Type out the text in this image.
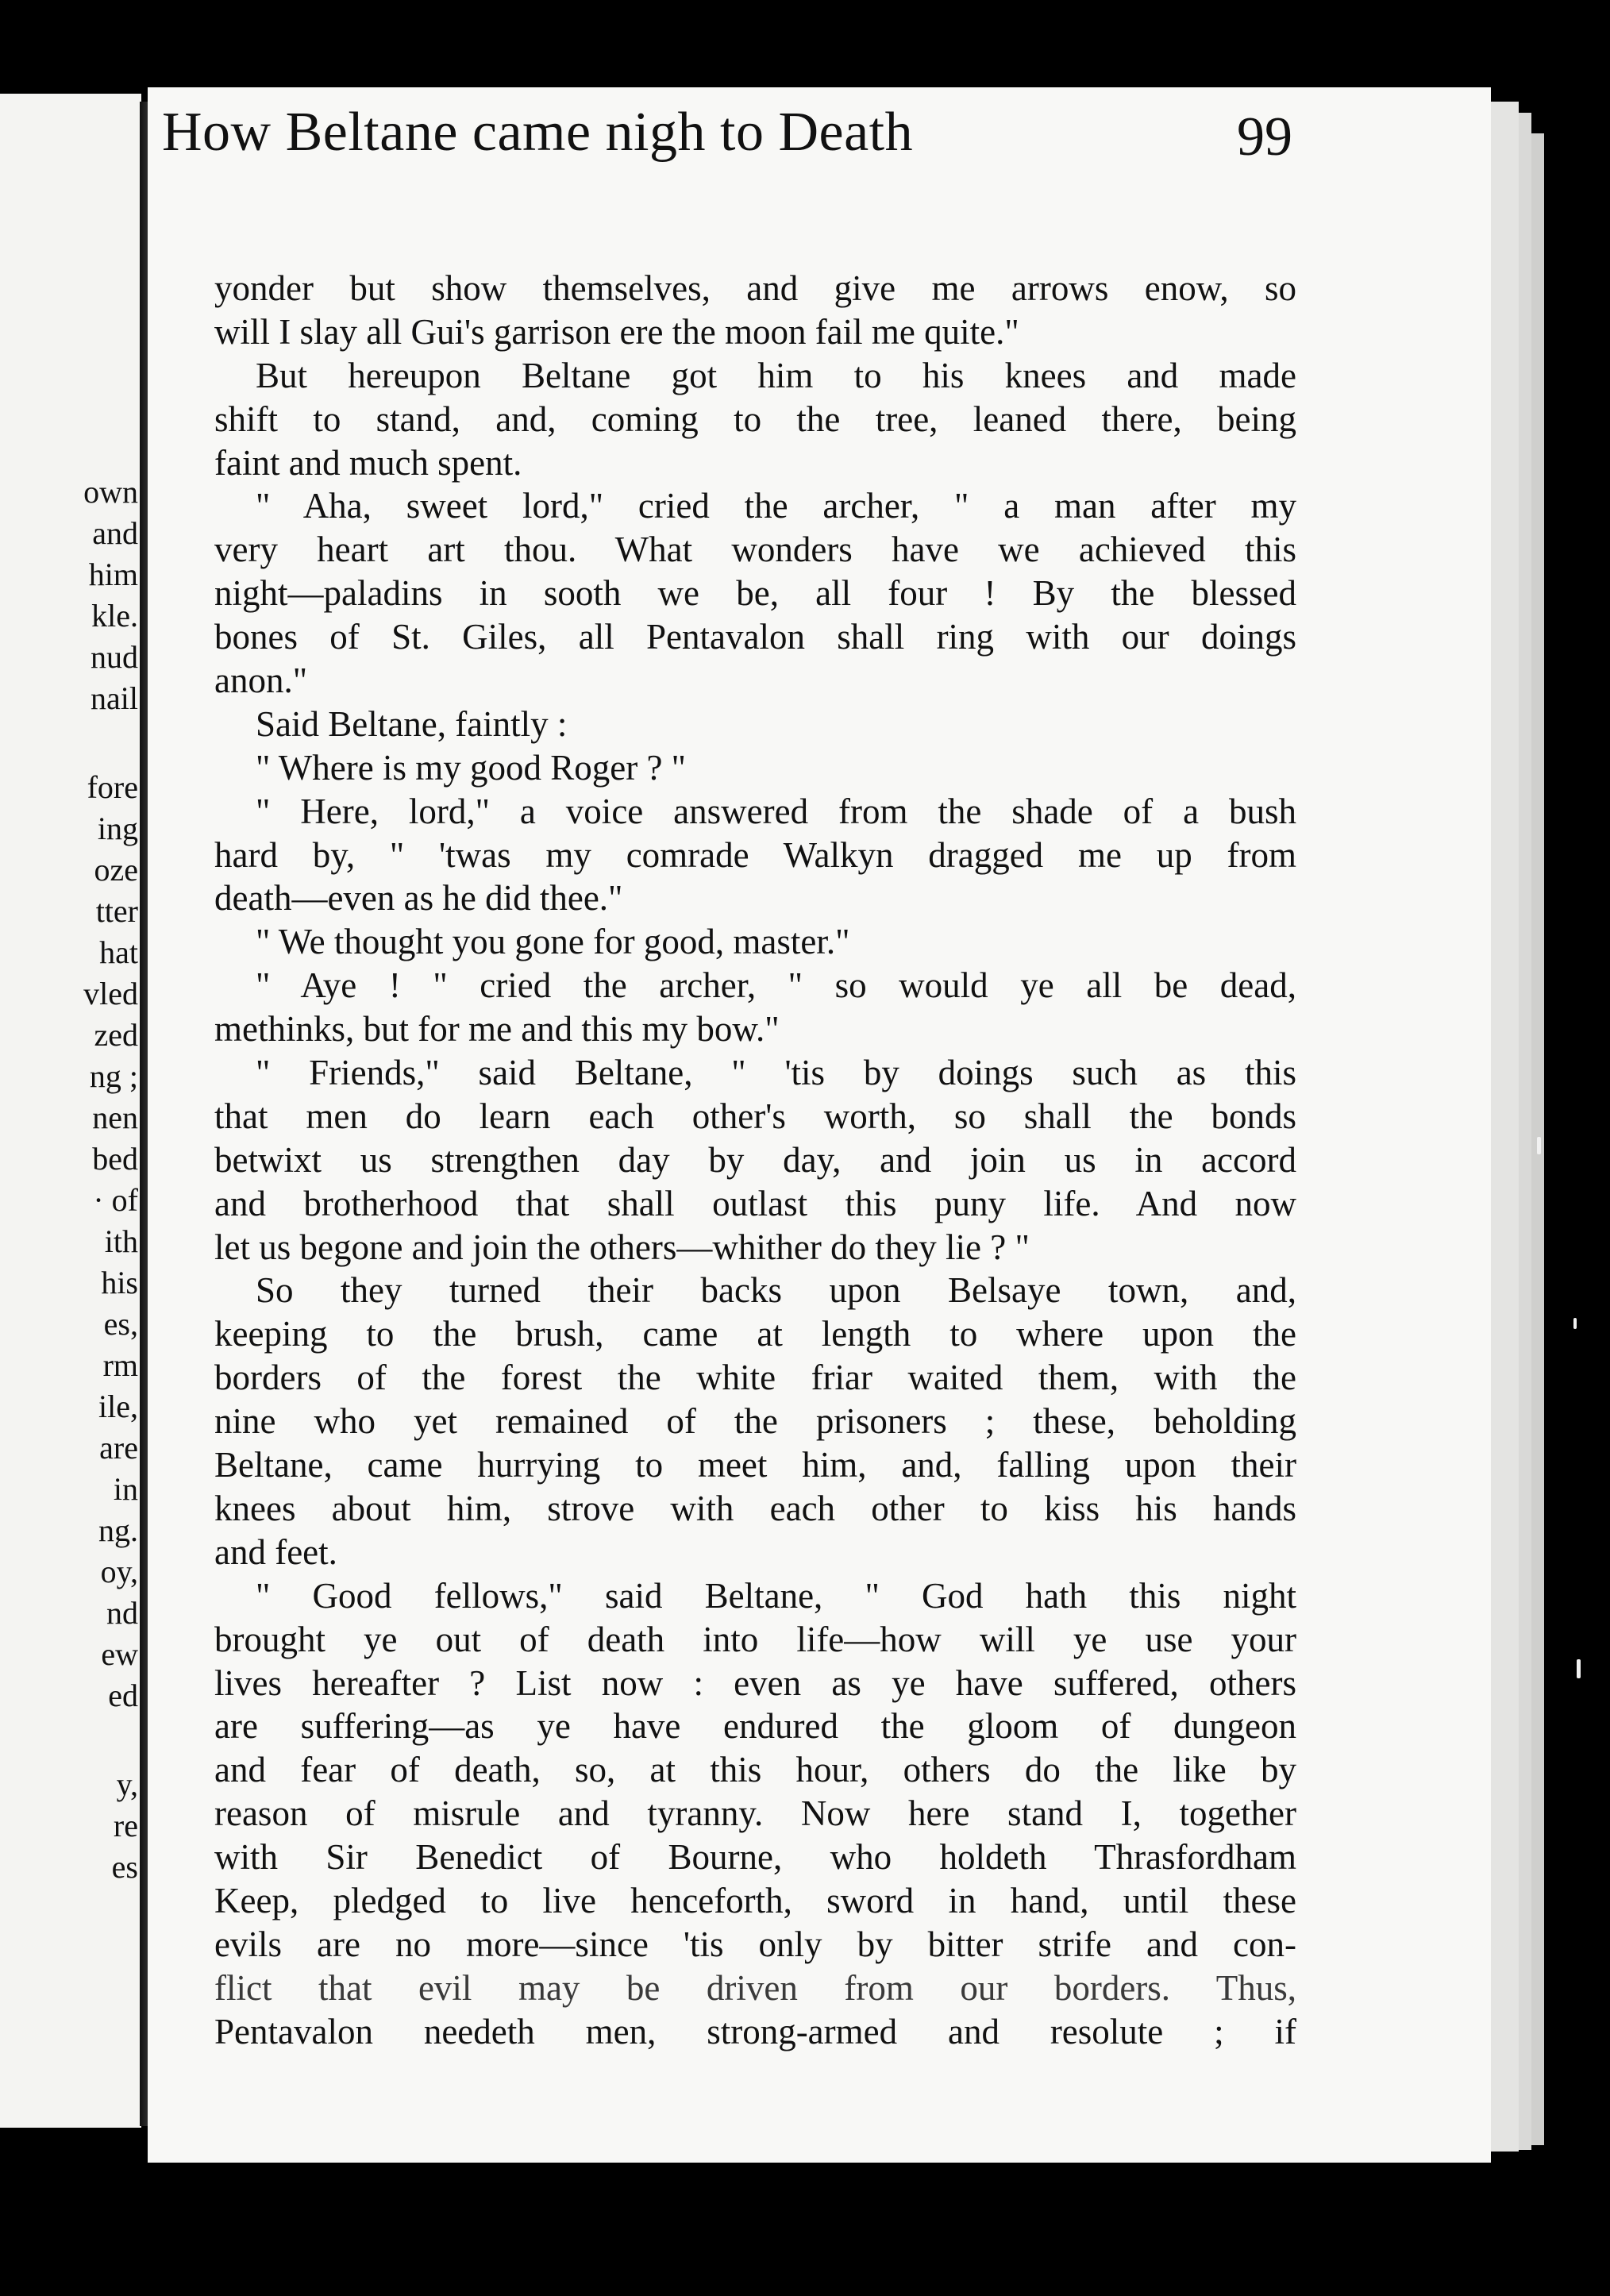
own
and
him
kle.
nud
nail
fore
ing
oze
tter
hat
vled
zed
ng ;
nen
bed
· of
ith
his
es,
rm
ile,
are
in
ng.
oy,
nd
ew
ed
y,
re
es
How Beltane came nigh to Death	99
yonder but show themselves, and give me arrows enow, so
will I slay all Gui's garrison ere the moon fail me quite."
But hereupon Beltane got him to his knees and made
shift to stand, and, coming to the tree, leaned there, being
faint and much spent.
" Aha, sweet lord," cried the archer, " a man after my
very heart art thou. What wonders have we achieved this
night—paladins in sooth we be, all four ! By the blessed
bones of St. Giles, all Pentavalon shall ring with our doings
anon."
Said Beltane, faintly :
" Where is my good Roger ? "
" Here, lord," a voice answered from the shade of a bush
hard by, " 'twas my comrade Walkyn dragged me up from
death—even as he did thee."
" We thought you gone for good, master."
" Aye ! " cried the archer, " so would ye all be dead,
methinks, but for me and this my bow."
" Friends," said Beltane, " 'tis by doings such as this
that men do learn each other's worth, so shall the bonds
betwixt us strengthen day by day, and join us in accord
and brotherhood that shall outlast this puny life. And now
let us begone and join the others—whither do they lie ? "
So they turned their backs upon Belsaye town, and,
keeping to the brush, came at length to where upon the
borders of the forest the white friar waited them, with the
nine who yet remained of the prisoners ; these, beholding
Beltane, came hurrying to meet him, and, falling upon their
knees about him, strove with each other to kiss his hands
and feet.
" Good fellows," said Beltane, " God hath this night
brought ye out of death into life—how will ye use your
lives hereafter ? List now : even as ye have suffered, others
are suffering—as ye have endured the gloom of dungeon
and fear of death, so, at this hour, others do the like by
reason of misrule and tyranny. Now here stand I, together
with Sir Benedict of Bourne, who holdeth Thrasfordham
Keep, pledged to live henceforth, sword in hand, until these
evils are no more—since 'tis only by bitter strife and con-
flict that evil may be driven from our borders. Thus,
Pentavalon needeth men, strong-armed and resolute ; if
